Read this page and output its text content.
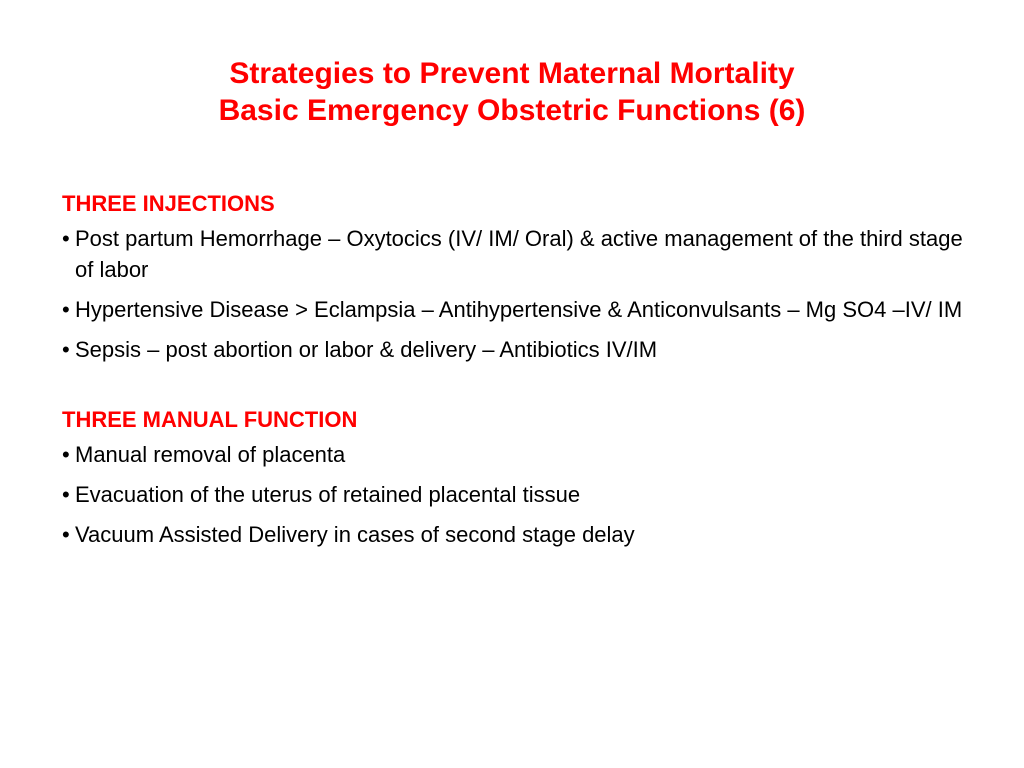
Strategies to Prevent Maternal Mortality
Basic Emergency Obstetric Functions (6)

THREE INJECTIONS

• Post partum Hemorrhage – Oxytocics (IV/ IM/ Oral) & active management of the third stage of labor
• Hypertensive Disease > Eclampsia – Antihypertensive & Anticonvulsants – Mg SO4 –IV/ IM
• Sepsis – post abortion or labor & delivery – Antibiotics IV/IM

THREE MANUAL FUNCTION

• Manual removal of placenta
• Evacuation of the uterus of retained placental tissue
• Vacuum Assisted Delivery in cases of second stage delay
